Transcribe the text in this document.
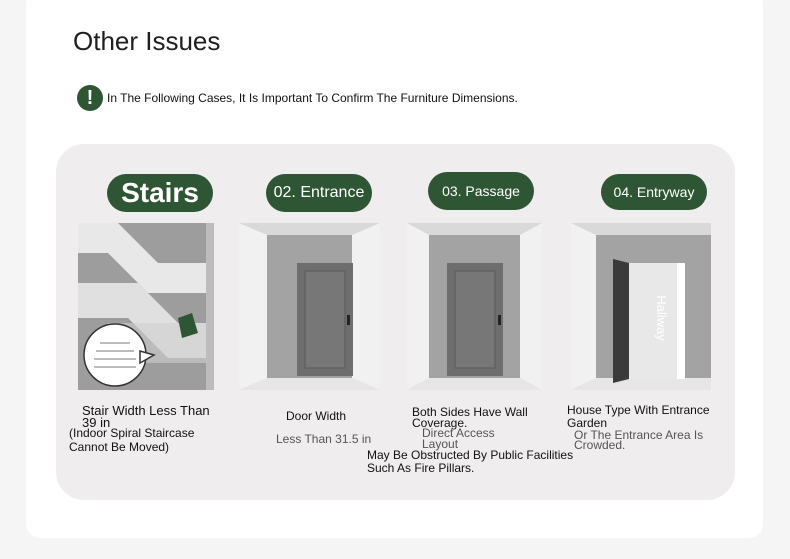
Other Issues
!	In The Following Cases, It Is Important To Confirm The Furniture Dimensions.
Stairs	02. Entrance	03. Passage	04. Entryway
Hallway
Stair Width Less Than
39 in
(Indoor Spiral Staircase
Cannot Be Moved)
Door Width
Less Than 31.5 in
Both Sides Have Wall
Coverage.
Direct Access
Layout
May Be Obstructed By Public Facilities
Such As Fire Pillars.
House Type With Entrance
Garden
Or The Entrance Area Is
Crowded.
